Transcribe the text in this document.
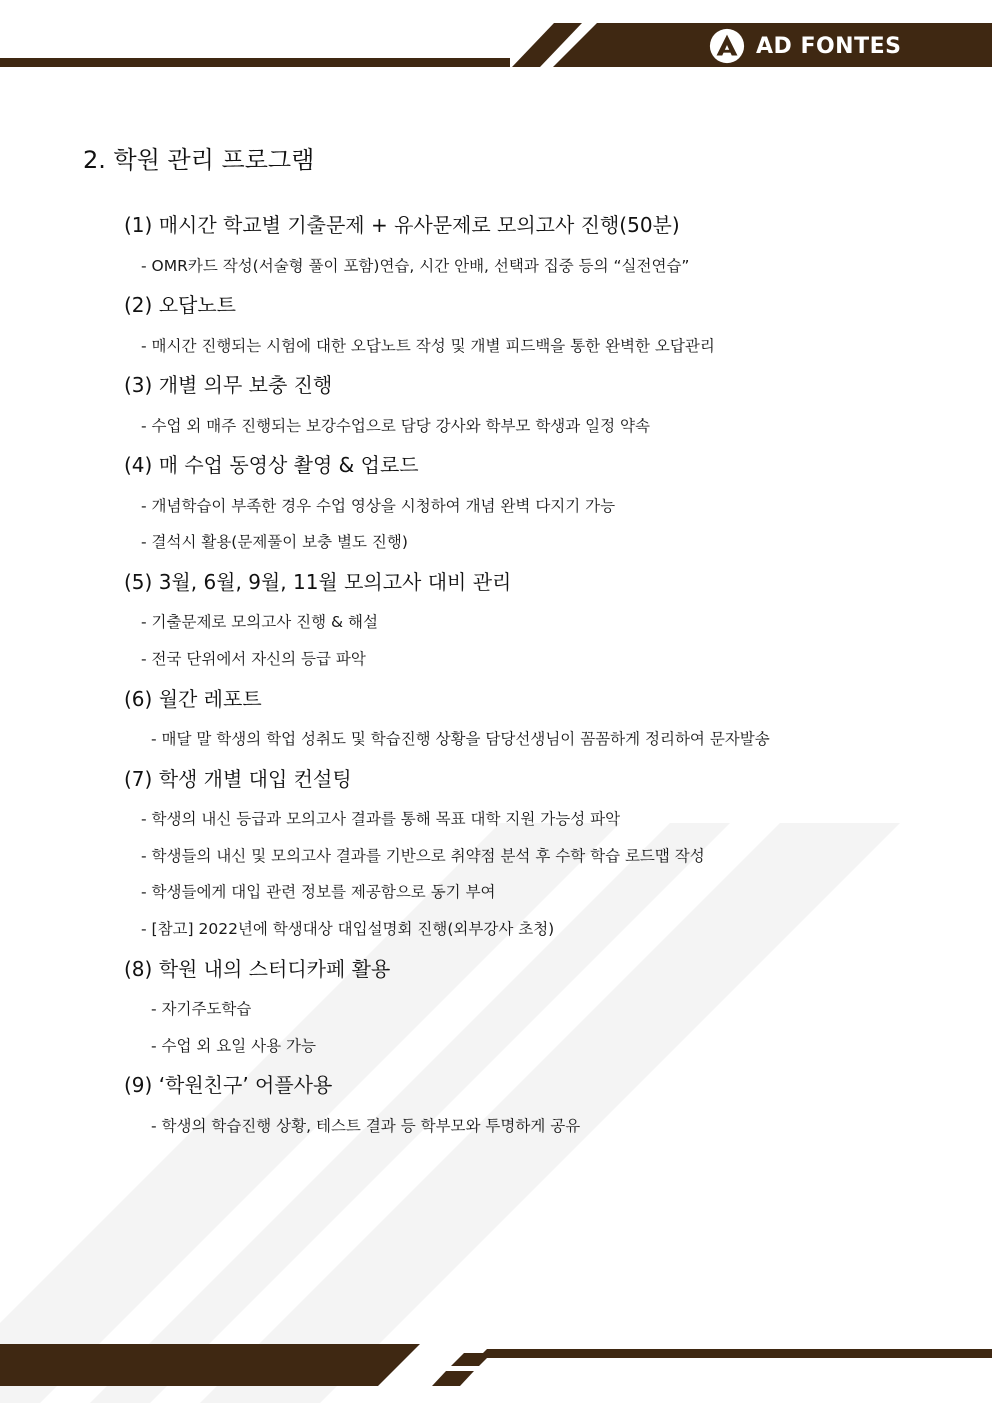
AD FONTES
2. 학원 관리 프로그램
(1) 매시간 학교별 기출문제 + 유사문제로 모의고사 진행(50분)
- OMR카드 작성(서술형 풀이 포함)연습, 시간 안배, 선택과 집중 등의 “실전연습”
(2) 오답노트
- 매시간 진행되는 시험에 대한 오답노트 작성 및 개별 피드백을 통한 완벽한 오답관리
(3) 개별 의무 보충 진행
- 수업 외 매주 진행되는 보강수업으로 담당 강사와 학부모 학생과 일정 약속
(4) 매 수업 동영상 촬영 & 업로드
- 개념학습이 부족한 경우 수업 영상을 시청하여 개념 완벽 다지기 가능
- 결석시 활용(문제풀이 보충 별도 진행)
(5) 3월, 6월, 9월, 11월 모의고사 대비 관리
- 기출문제로 모의고사 진행 & 해설
- 전국 단위에서 자신의 등급 파악
(6) 월간 레포트
- 매달 말 학생의 학업 성취도 및 학습진행 상황을 담당선생님이 꼼꼼하게 정리하여 문자발송
(7) 학생 개별 대입 컨설팅
- 학생의 내신 등급과 모의고사 결과를 통해 목표 대학 지원 가능성 파악
- 학생들의 내신 및 모의고사 결과를 기반으로 취약점 분석 후 수학 학습 로드맵 작성
- 학생들에게 대입 관련 정보를 제공함으로 동기 부여
- [참고] 2022년에 학생대상 대입설명회 진행(외부강사 초청)
(8) 학원 내의 스터디카페 활용
- 자기주도학습
- 수업 외 요일 사용 가능
(9) ‘학원친구’ 어플사용
- 학생의 학습진행 상황, 테스트 결과 등 학부모와 투명하게 공유
